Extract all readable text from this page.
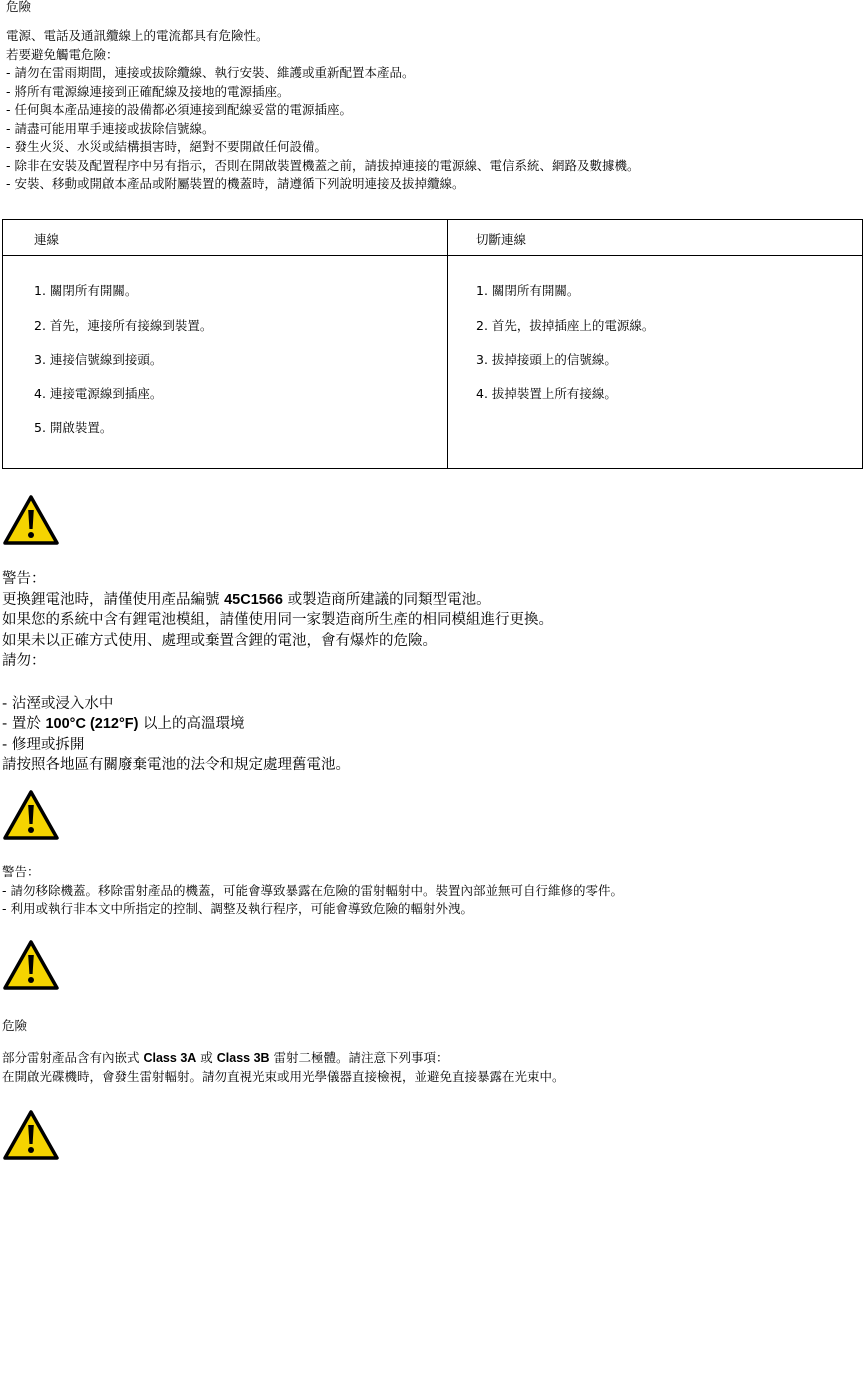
危險
電源、電話及通訊纜線上的電流都具有危險性。
若要避免觸電危險：
- 請勿在雷雨期間，連接或拔除纜線、執行安裝、維護或重新配置本產品。
- 將所有電源線連接到正確配線及接地的電源插座。
- 任何與本產品連接的設備都必須連接到配線妥當的電源插座。
- 請盡可能用單手連接或拔除信號線。
- 發生火災、水災或結構損害時，絕對不要開啟任何設備。
- 除非在安裝及配置程序中另有指示，否則在開啟裝置機蓋之前，請拔掉連接的電源線、電信系統、網路及數據機。
- 安裝、移動或開啟本產品或附屬裝置的機蓋時，請遵循下列說明連接及拔掉纜線。
連線	切斷連線
1. 關閉所有開關。
2. 首先，連接所有接線到裝置。
3. 連接信號線到接頭。
4. 連接電源線到插座。
5. 開啟裝置。
1. 關閉所有開關。
2. 首先，拔掉插座上的電源線。
3. 拔掉接頭上的信號線。
4. 拔掉裝置上所有接線。
警告：
更換鋰電池時，請僅使用產品編號 45C1566 或製造商所建議的同類型電池。
如果您的系統中含有鋰電池模組，請僅使用同一家製造商所生產的相同模組進行更換。
如果未以正確方式使用、處理或棄置含鋰的電池，會有爆炸的危險。
請勿：
- 沾溼或浸入水中
- 置於 100°C (212°F) 以上的高溫環境
- 修理或拆開
請按照各地區有關廢棄電池的法令和規定處理舊電池。
警告：
- 請勿移除機蓋。移除雷射產品的機蓋，可能會導致暴露在危險的雷射輻射中。裝置內部並無可自行維修的零件。
- 利用或執行非本文中所指定的控制、調整及執行程序，可能會導致危險的輻射外洩。
危險
部分雷射產品含有內嵌式 Class 3A 或 Class 3B 雷射二極體。請注意下列事項：
在開啟光碟機時，會發生雷射輻射。請勿直視光束或用光學儀器直接檢視，並避免直接暴露在光束中。
